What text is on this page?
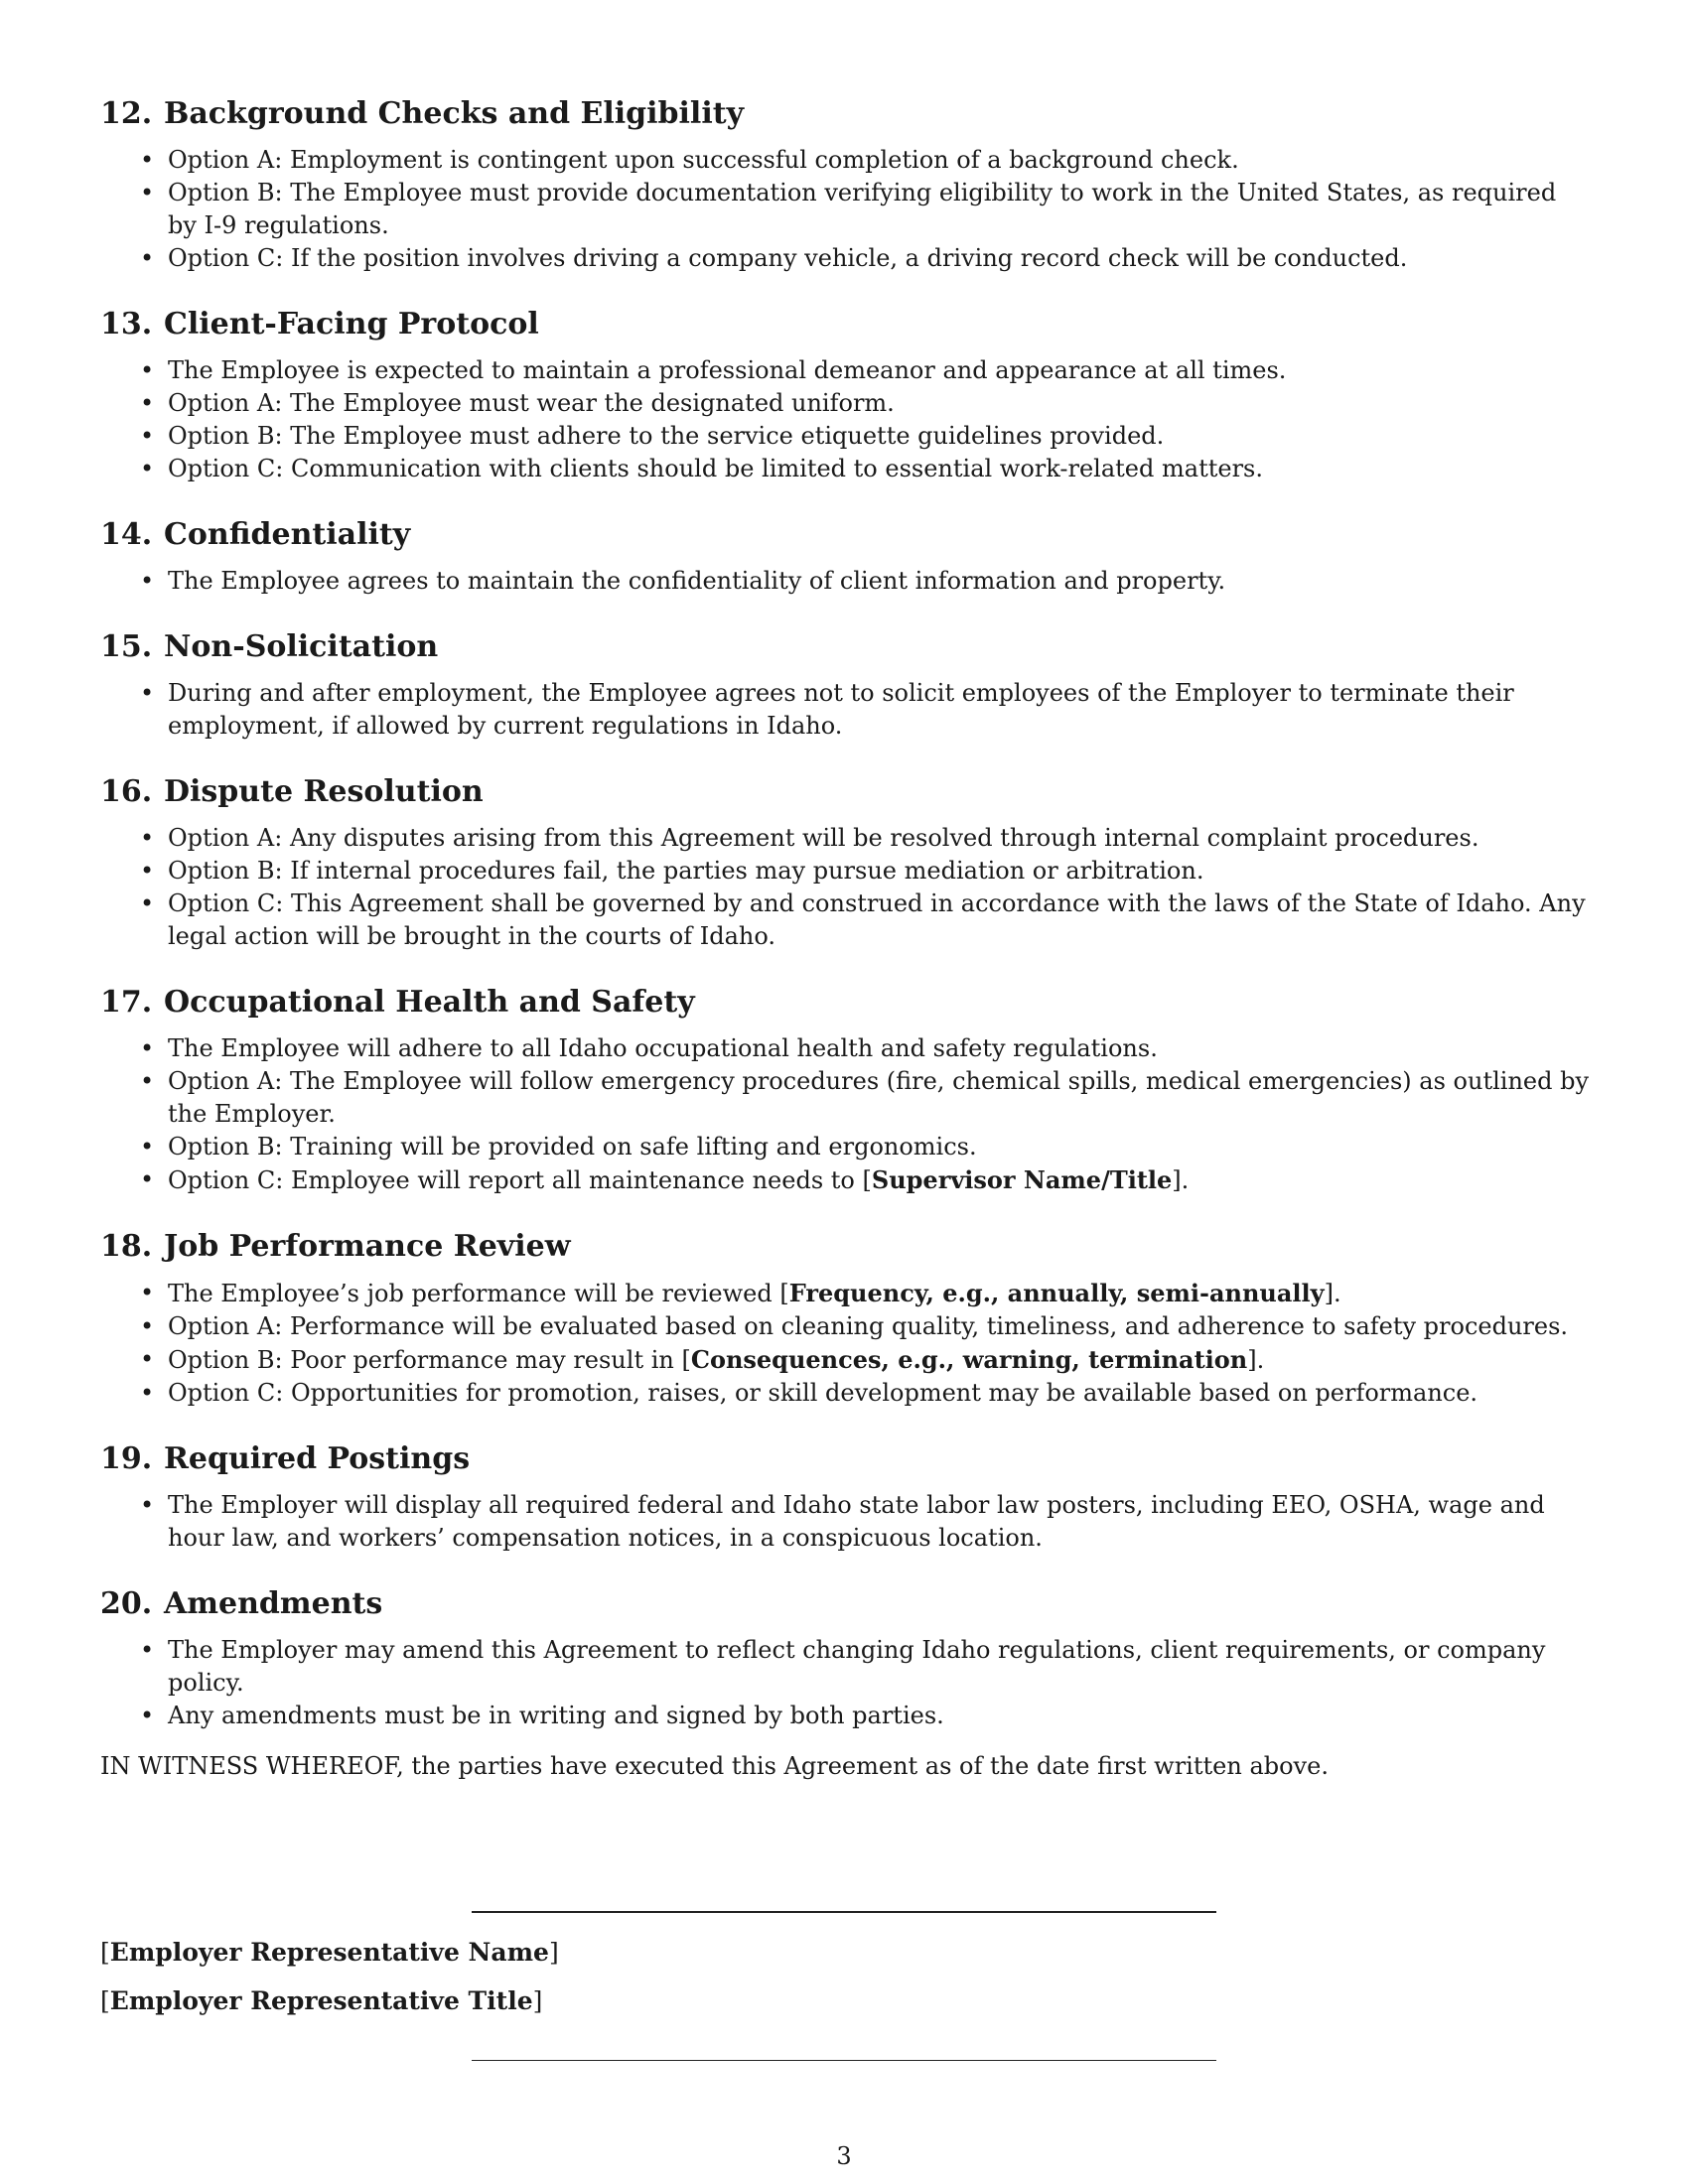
12. Background Checks and Eligibility
• Option A: Employment is contingent upon successful completion of a background check.
• Option B: The Employee must provide documentation verifying eligibility to work in the United States, as required by I-9 regulations.
• Option C: If the position involves driving a company vehicle, a driving record check will be conducted.
13. Client-Facing Protocol
• The Employee is expected to maintain a professional demeanor and appearance at all times.
• Option A: The Employee must wear the designated uniform.
• Option B: The Employee must adhere to the service etiquette guidelines provided.
• Option C: Communication with clients should be limited to essential work-related matters.
14. Confidentiality
• The Employee agrees to maintain the confidentiality of client information and property.
15. Non-Solicitation
• During and after employment, the Employee agrees not to solicit employees of the Employer to terminate their employment, if allowed by current regulations in Idaho.
16. Dispute Resolution
• Option A: Any disputes arising from this Agreement will be resolved through internal complaint procedures.
• Option B: If internal procedures fail, the parties may pursue mediation or arbitration.
• Option C: This Agreement shall be governed by and construed in accordance with the laws of the State of Idaho. Any legal action will be brought in the courts of Idaho.
17. Occupational Health and Safety
• The Employee will adhere to all Idaho occupational health and safety regulations.
• Option A: The Employee will follow emergency procedures (fire, chemical spills, medical emergencies) as outlined by the Employer.
• Option B: Training will be provided on safe lifting and ergonomics.
• Option C: Employee will report all maintenance needs to [Supervisor Name/Title].
18. Job Performance Review
• The Employee’s job performance will be reviewed [Frequency, e.g., annually, semi-annually].
• Option A: Performance will be evaluated based on cleaning quality, timeliness, and adherence to safety procedures.
• Option B: Poor performance may result in [Consequences, e.g., warning, termination].
• Option C: Opportunities for promotion, raises, or skill development may be available based on performance.
19. Required Postings
• The Employer will display all required federal and Idaho state labor law posters, including EEO, OSHA, wage and hour law, and workers’ compensation notices, in a conspicuous location.
20. Amendments
• The Employer may amend this Agreement to reflect changing Idaho regulations, client requirements, or company policy.
• Any amendments must be in writing and signed by both parties.

IN WITNESS WHEREOF, the parties have executed this Agreement as of the date first written above.

[Employer Representative Name]
[Employer Representative Title]
3
